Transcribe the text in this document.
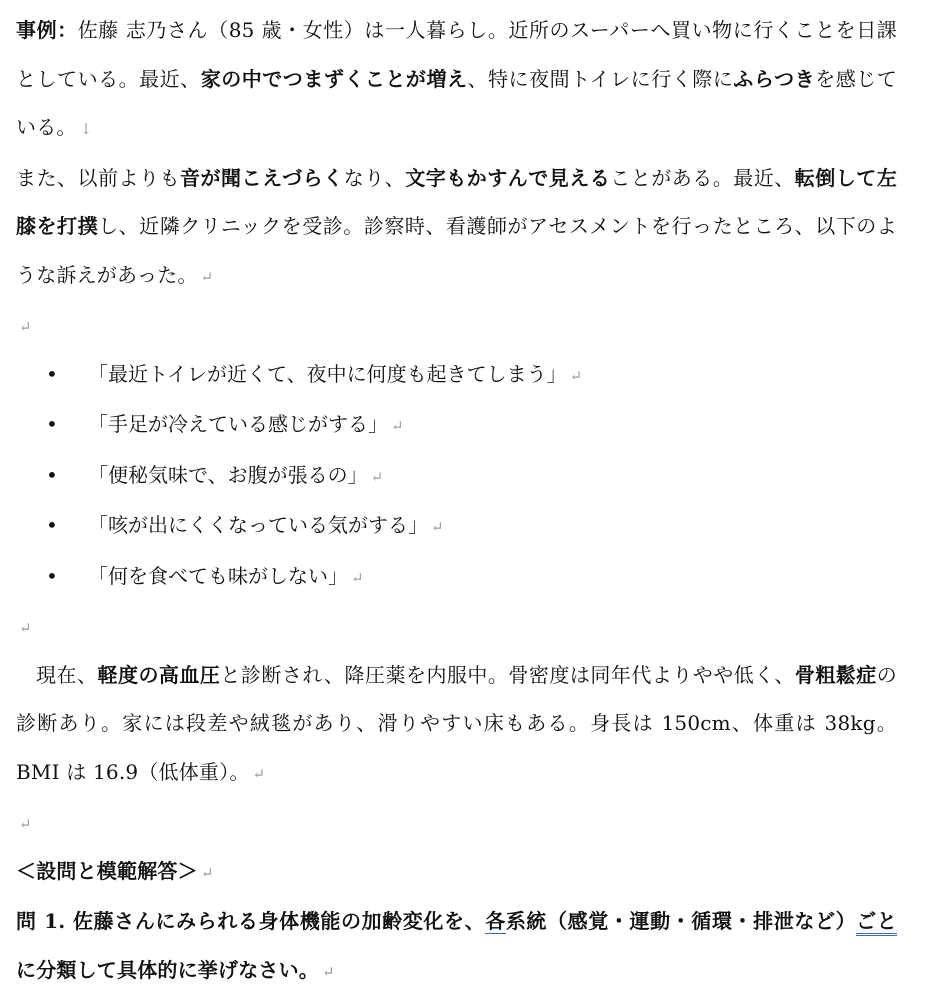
事例：佐藤 志乃さん（85 歳・女性）は一人暮らし。近所のスーパーへ買い物に行くことを日課としている。最近、家の中でつまずくことが増え、特に夜間トイレに行く際にふらつきを感じている。 ↓

また、以前よりも音が聞こえづらくなり、文字もかすんで見えることがある。最近、転倒して左膝を打撲し、近隣クリニックを受診。診察時、看護師がアセスメントを行ったところ、以下のような訴えがあった。 ↵

↵
•	「最近トイレが近くて、夜中に何度も起きてしまう」 ↵
•	「手足が冷えている感じがする」 ↵
•	「便秘気味で、お腹が張るの」 ↵
•	「咳が出にくくなっている気がする」 ↵
•	「何を食べても味がしない」 ↵
↵

現在、軽度の高血圧と診断され、降圧薬を内服中。骨密度は同年代よりやや低く、骨粗鬆症の診断あり。家には段差や絨毯があり、滑りやすい床もある。身長は 150cm、体重は 38kg。BMI は 16.9（低体重）。 ↵

↵

＜設問と模範解答＞ ↵

問 1. 佐藤さんにみられる身体機能の加齢変化を、各系統（感覚・運動・循環・排泄など）ごとに分類して具体的に挙げなさい。 ↵
